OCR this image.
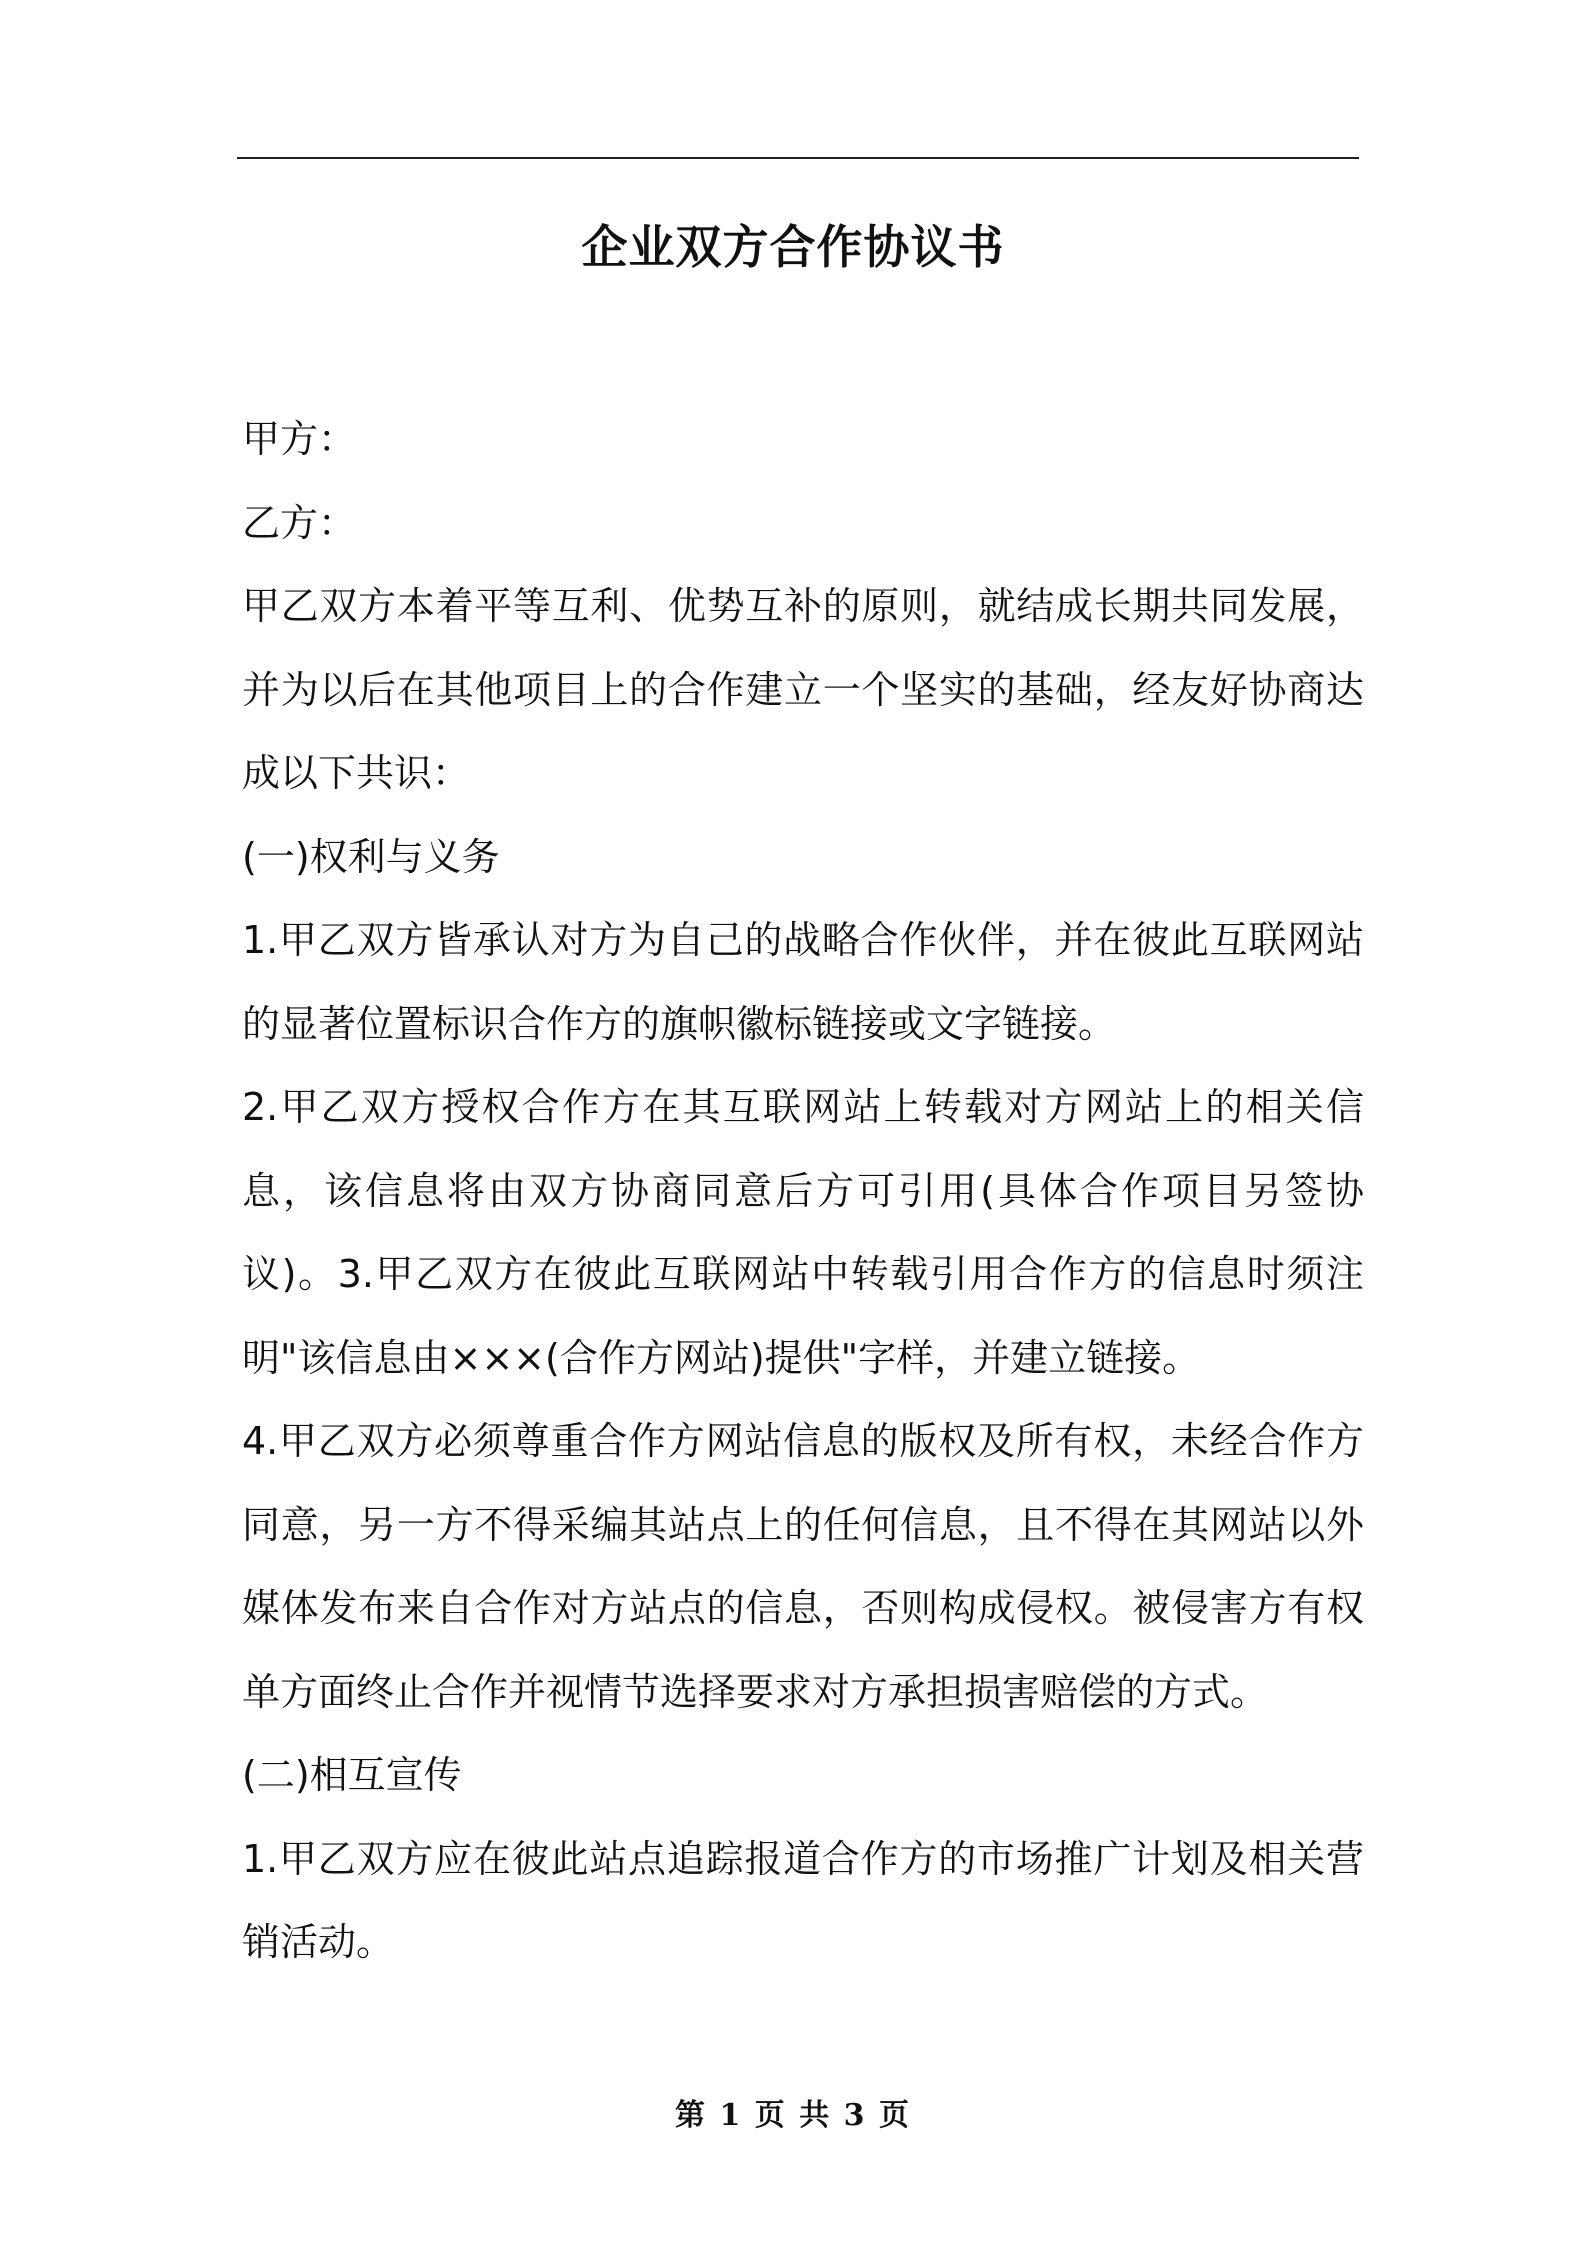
企业双方合作协议书

甲方：

乙方：

甲乙双方本着平等互利、优势互补的原则，就结成长期共同发展，并为以后在其他项目上的合作建立一个坚实的基础，经友好协商达成以下共识：

(一)权利与义务

1.甲乙双方皆承认对方为自己的战略合作伙伴，并在彼此互联网站的显著位置标识合作方的旗帜徽标链接或文字链接。

2.甲乙双方授权合作方在其互联网站上转载对方网站上的相关信息，该信息将由双方协商同意后方可引用(具体合作项目另签协议)。3.甲乙双方在彼此互联网站中转载引用合作方的信息时须注明"该信息由×××(合作方网站)提供"字样，并建立链接。

4.甲乙双方必须尊重合作方网站信息的版权及所有权，未经合作方同意，另一方不得采编其站点上的任何信息，且不得在其网站以外媒体发布来自合作对方站点的信息，否则构成侵权。被侵害方有权单方面终止合作并视情节选择要求对方承担损害赔偿的方式。

(二)相互宣传

1.甲乙双方应在彼此站点追踪报道合作方的市场推广计划及相关营销活动。

第 1 页 共 3 页
